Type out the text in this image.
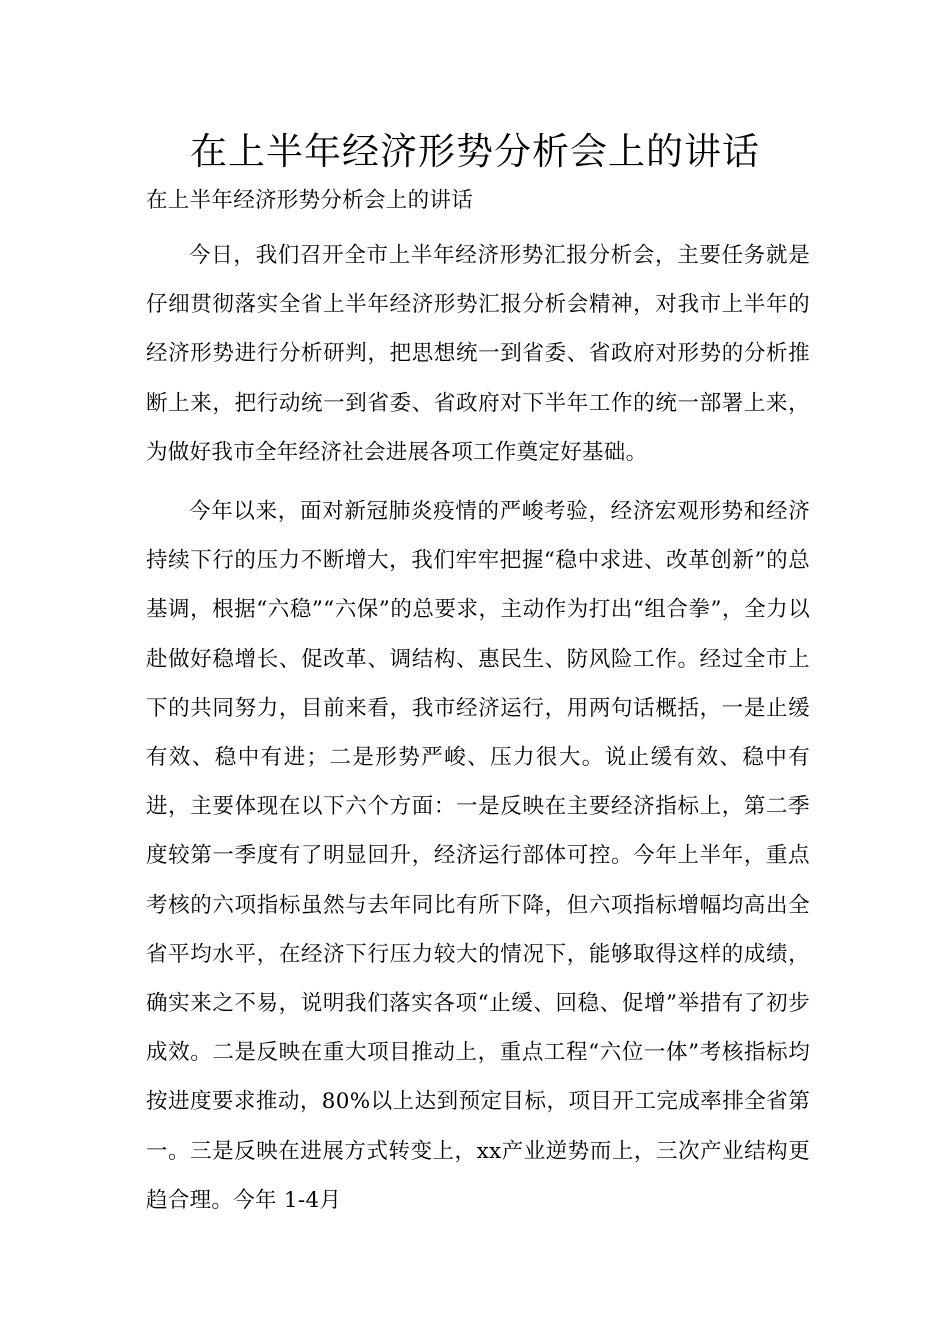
在上半年经济形势分析会上的讲话

在上半年经济形势分析会上的讲话

今日，我们召开全市上半年经济形势汇报分析会，主要任务就是仔细贯彻落实全省上半年经济形势汇报分析会精神，对我市上半年的经济形势进行分析研判，把思想统一到省委、省政府对形势的分析推断上来，把行动统一到省委、省政府对下半年工作的统一部署上来，为做好我市全年经济社会进展各项工作奠定好基础。

今年以来，面对新冠肺炎疫情的严峻考验，经济宏观形势和经济持续下行的压力不断增大，我们牢牢把握“稳中求进、改革创新”的总基调，根据“六稳”“六保”的总要求，主动作为打出“组合拳”，全力以赴做好稳增长、促改革、调结构、惠民生、防风险工作。经过全市上下的共同努力，目前来看，我市经济运行，用两句话概括，一是止缓有效、稳中有进；二是形势严峻、压力很大。说止缓有效、稳中有进，主要体现在以下六个方面：一是反映在主要经济指标上，第二季度较第一季度有了明显回升，经济运行部体可控。今年上半年，重点考核的六项指标虽然与去年同比有所下降，但六项指标增幅均高出全省平均水平，在经济下行压力较大的情况下，能够取得这样的成绩，确实来之不易，说明我们落实各项“止缓、回稳、促增”举措有了初步成效。二是反映在重大项目推动上，重点工程“六位一体”考核指标均按进度要求推动，80%以上达到预定目标，项目开工完成率排全省第一。三是反映在进展方式转变上，xx产业逆势而上，三次产业结构更趋合理。今年 1-4月
